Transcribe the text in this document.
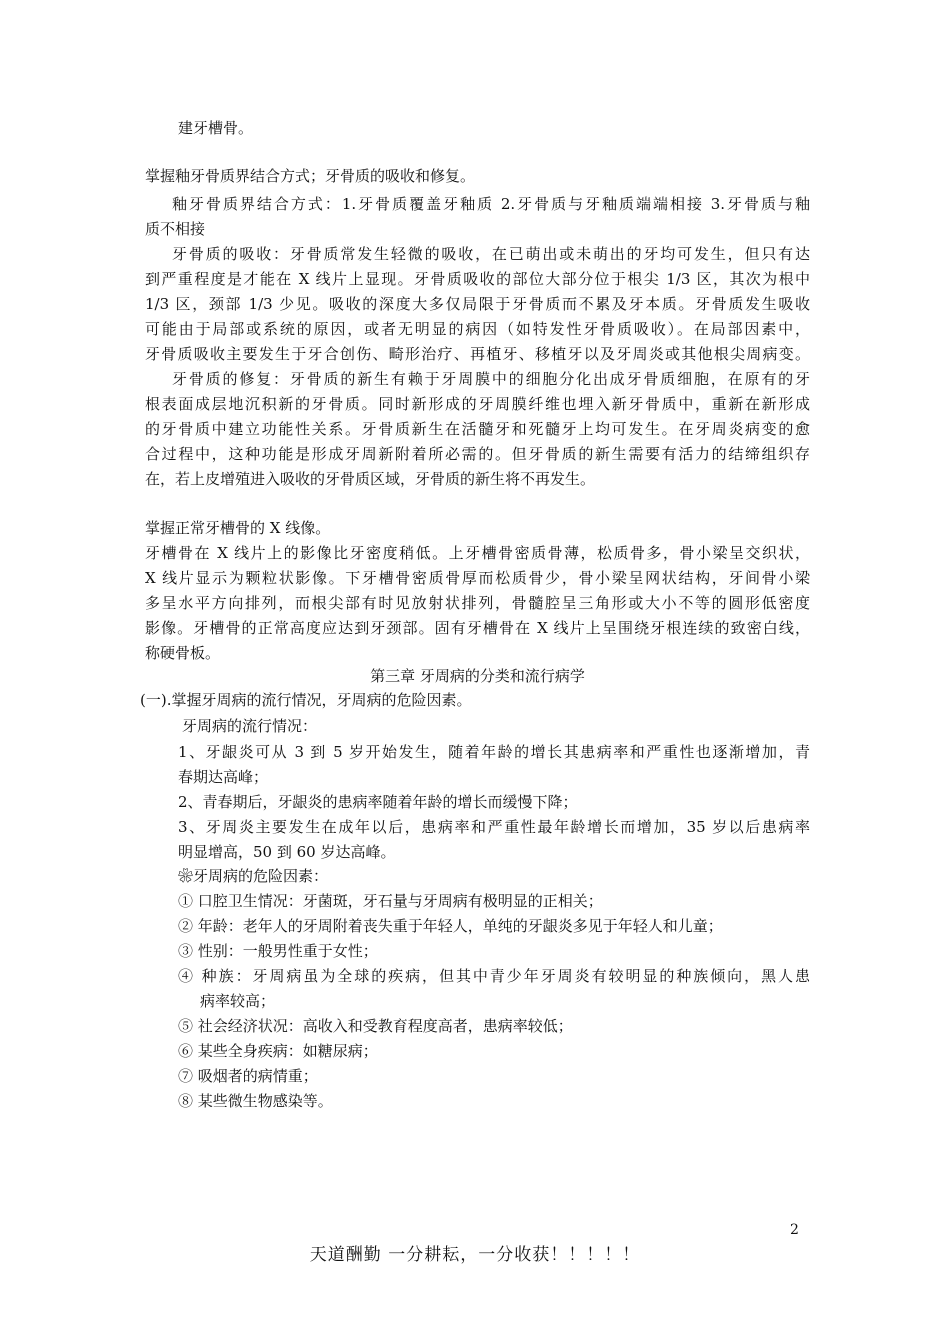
建牙槽骨。
掌握釉牙骨质界结合方式；牙骨质的吸收和修复。
釉牙骨质界结合方式：1.牙骨质覆盖牙釉质 2.牙骨质与牙釉质端端相接 3.牙骨质与釉
质不相接
牙骨质的吸收：牙骨质常发生轻微的吸收，在已萌出或未萌出的牙均可发生，但只有达
到严重程度是才能在 X 线片上显现。牙骨质吸收的部位大部分位于根尖 1/3 区，其次为根中
1/3 区，颈部 1/3 少见。吸收的深度大多仅局限于牙骨质而不累及牙本质。牙骨质发生吸收
可能由于局部或系统的原因，或者无明显的病因（如特发性牙骨质吸收）。在局部因素中，
牙骨质吸收主要发生于牙合创伤、畸形治疗、再植牙、移植牙以及牙周炎或其他根尖周病变。
牙骨质的修复：牙骨质的新生有赖于牙周膜中的细胞分化出成牙骨质细胞，在原有的牙
根表面成层地沉积新的牙骨质。同时新形成的牙周膜纤维也埋入新牙骨质中，重新在新形成
的牙骨质中建立功能性关系。牙骨质新生在活髓牙和死髓牙上均可发生。在牙周炎病变的愈
合过程中，这种功能是形成牙周新附着所必需的。但牙骨质的新生需要有活力的结缔组织存
在，若上皮增殖进入吸收的牙骨质区域，牙骨质的新生将不再发生。
掌握正常牙槽骨的 X 线像。
牙槽骨在 X 线片上的影像比牙密度稍低。上牙槽骨密质骨薄，松质骨多，骨小梁呈交织状，
X 线片显示为颗粒状影像。下牙槽骨密质骨厚而松质骨少，骨小梁呈网状结构，牙间骨小梁
多呈水平方向排列，而根尖部有时见放射状排列，骨髓腔呈三角形或大小不等的圆形低密度
影像。牙槽骨的正常高度应达到牙颈部。固有牙槽骨在 X 线片上呈围绕牙根连续的致密白线，
称硬骨板。
第三章 牙周病的分类和流行病学
(一).掌握牙周病的流行情况，牙周病的危险因素。
牙周病的流行情况：
1、牙龈炎可从 3 到 5 岁开始发生，随着年龄的增长其患病率和严重性也逐渐增加，青
春期达高峰；
2、青春期后，牙龈炎的患病率随着年龄的增长而缓慢下降；
3、牙周炎主要发生在成年以后，患病率和严重性最年龄增长而增加，35 岁以后患病率
明显增高，50 到 60 岁达高峰。
❀牙周病的危险因素：
① 口腔卫生情况：牙菌斑，牙石量与牙周病有极明显的正相关；
② 年龄：老年人的牙周附着丧失重于年轻人，单纯的牙龈炎多见于年轻人和儿童；
③ 性别：一般男性重于女性；
④ 种族：牙周病虽为全球的疾病，但其中青少年牙周炎有较明显的种族倾向，黑人患
病率较高；
⑤ 社会经济状况：高收入和受教育程度高者，患病率较低；
⑥ 某些全身疾病：如糖尿病；
⑦ 吸烟者的病情重；
⑧ 某些微生物感染等。
2
天道酬勤 一分耕耘，一分收获！！！！！
